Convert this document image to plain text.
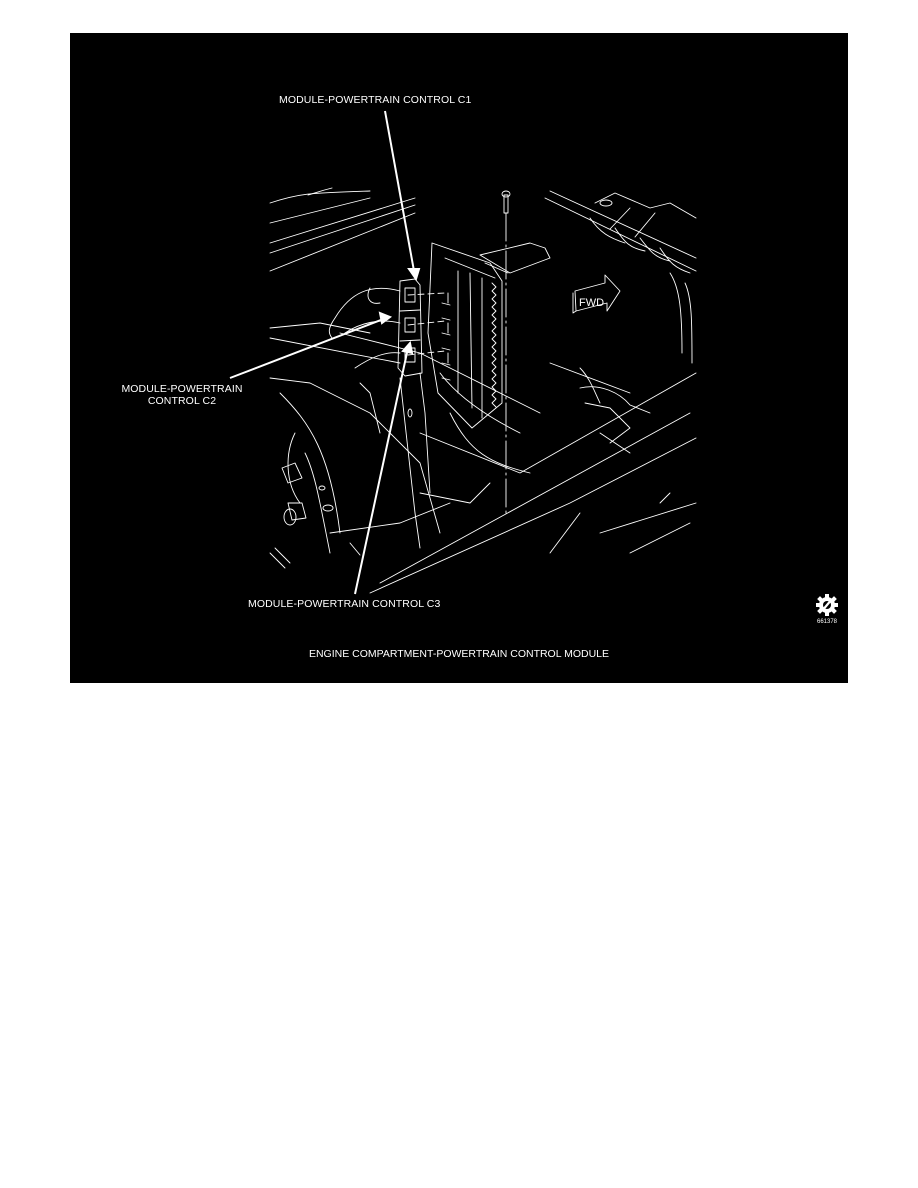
FWD
MODULE-POWERTRAIN CONTROL C1
MODULE-POWERTRAIN
CONTROL C2
MODULE-POWERTRAIN CONTROL C3
661378
ENGINE COMPARTMENT-POWERTRAIN CONTROL MODULE
